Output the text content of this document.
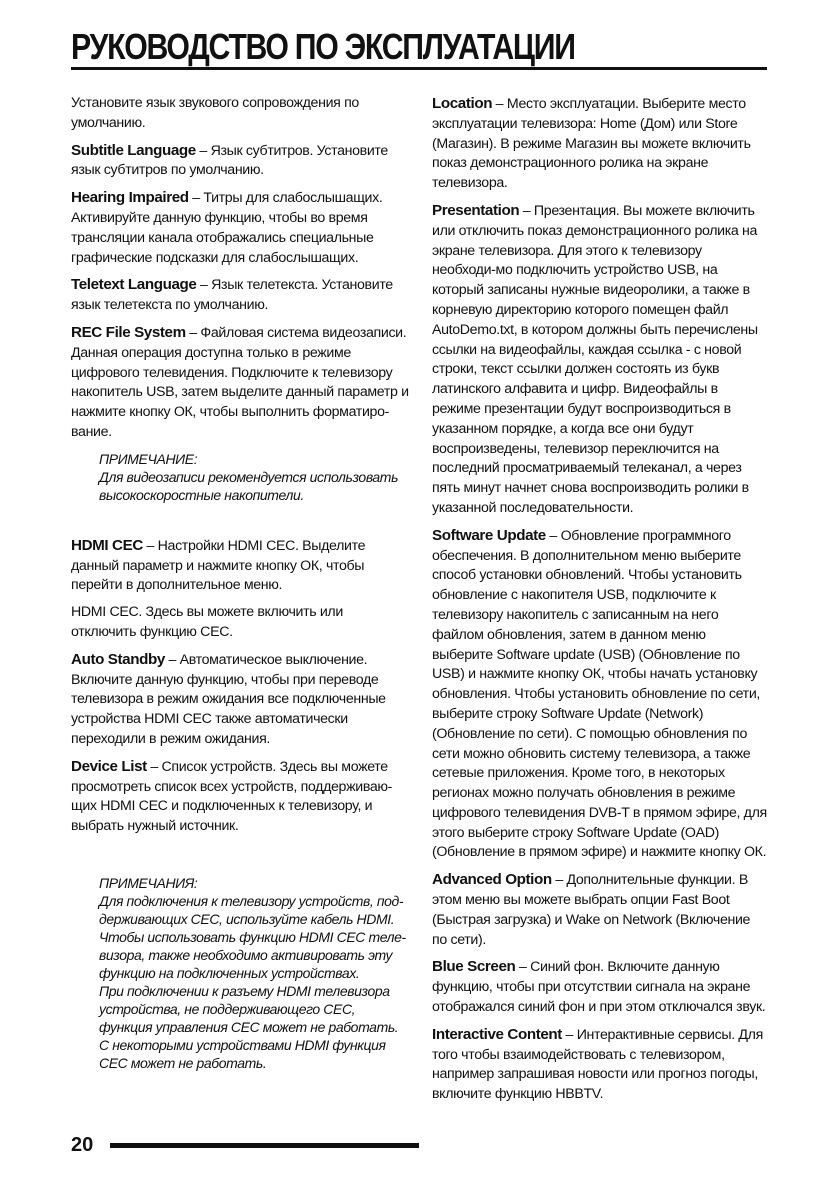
РУКОВОДСТВО ПО ЭКСПЛУАТАЦИИ

Установите язык звукового сопровождения по умолчанию.

Subtitle Language – Язык субтитров. Установите язык субтитров по умолчанию.

Hearing Impaired – Титры для слабослышащих. Активируйте данную функцию, чтобы во время трансляции канала отображались специальные графические подсказки для слабослышащих.

Teletext Language – Язык телетекста. Установите язык телетекста по умолчанию.

REC File System – Файловая система видеозаписи. Данная операция доступна только в режиме цифрового телевидения. Подключите к телевизору накопитель USB, затем выделите данный параметр и нажмите кнопку ОК, чтобы выполнить форматиро-вание.

ПРИМЕЧАНИЕ:
Для видеозаписи рекомендуется использовать высокоскоростные накопители.

HDMI CEC – Настройки HDMI CEC. Выделите данный параметр и нажмите кнопку ОК, чтобы перейти в дополнительное меню.

HDMI CEC. Здесь вы можете включить или отключить функцию CEC.

Auto Standby – Автоматическое выключение. Включите данную функцию, чтобы при переводе телевизора в режим ожидания все подключенные устройства HDMI CEC также автоматически переходили в режим ожидания.

Device List – Список устройств. Здесь вы можете просмотреть список всех устройств, поддерживаю-щих HDMI CEC и подключенных к телевизору, и выбрать нужный источник.

ПРИМЕЧАНИЯ:
Для подключения к телевизору устройств, под-держивающих CEC, используйте кабель HDMI.
Чтобы использовать функцию HDMI CEC теле-визора, также необходимо активировать эту функцию на подключенных устройствах.
При подключении к разъему HDMI телевизора устройства, не поддерживающего CEC, функция управления CEC может не работать.
С некоторыми устройствами HDMI функция CEC может не работать.

Location – Место эксплуатации. Выберите место эксплуатации телевизора: Home (Дом) или Store (Магазин). В режиме Магазин вы можете включить показ демонстрационного ролика на экране телевизора.

Presentation – Презентация. Вы можете включить или отключить показ демонстрационного ролика на экране телевизора. Для этого к телевизору необходи-мо подключить устройство USB, на который записаны нужные видеоролики, а также в корневую директорию которого помещен файл AutoDemo.txt, в котором должны быть перечислены ссылки на видеофайлы, каждая ссылка - с новой строки, текст ссылки должен состоять из букв латинского алфавита и цифр. Видеофайлы в режиме презентации будут воспроизводиться в указанном порядке, а когда все они будут воспроизведены, телевизор переключится на последний просматриваемый телеканал, а через пять минут начнет снова воспроизводить ролики в указанной последовательности.

Software Update – Обновление программного обеспечения. В дополнительном меню выберите способ установки обновлений. Чтобы установить обновление с накопителя USB, подключите к телевизору накопитель с записанным на него файлом обновления, затем в данном меню выберите Software update (USB) (Обновление по USB) и нажмите кнопку ОК, чтобы начать установку обновления. Чтобы установить обновление по сети, выберите строку Software Update (Network) (Обновление по сети). С помощью обновления по сети можно обновить систему телевизора, а также сетевые приложения. Кроме того, в некоторых регионах можно получать обновления в режиме цифрового телевидения DVB-T в прямом эфире, для этого выберите строку Software Update (OAD) (Обновление в прямом эфире) и нажмите кнопку ОК.

Advanced Option – Дополнительные функции. В этом меню вы можете выбрать опции Fast Boot (Быстрая загрузка) и Wake on Network (Включение по сети).

Blue Screen – Синий фон. Включите данную функцию, чтобы при отсутствии сигнала на экране отображался синий фон и при этом отключался звук.

Interactive Content – Интерактивные сервисы. Для того чтобы взаимодействовать с телевизором, например запрашивая новости или прогноз погоды, включите функцию HBBTV.

20
